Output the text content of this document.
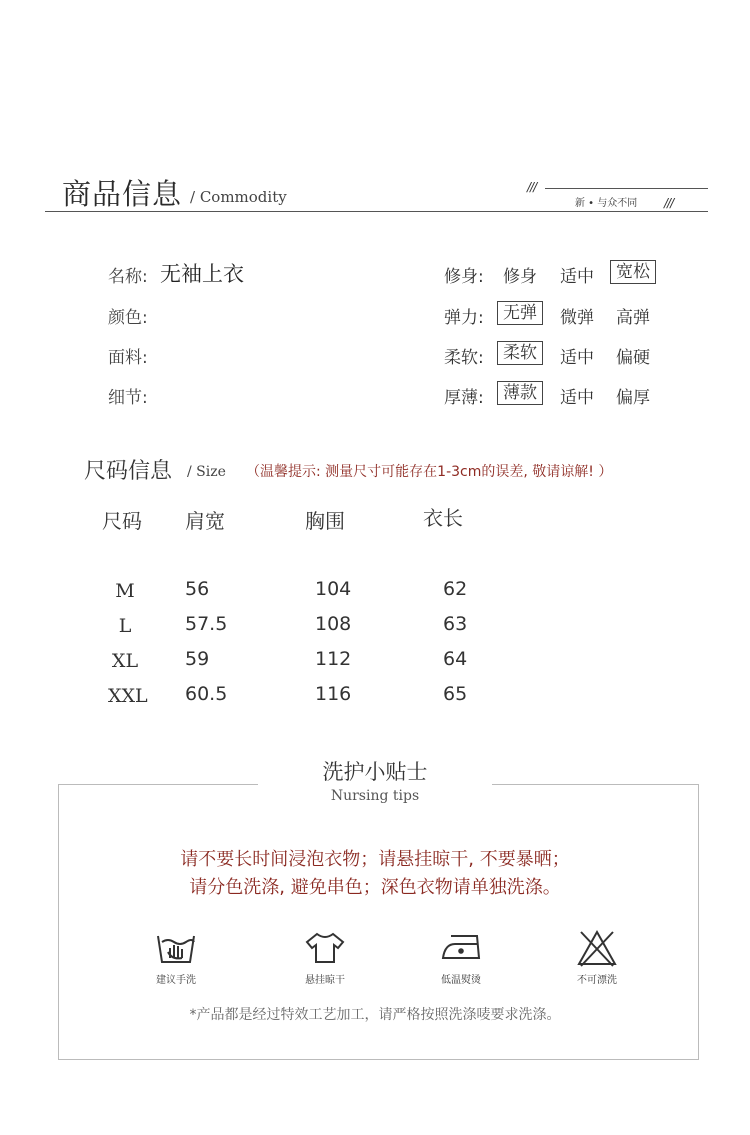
商品信息 / Commodity
///
新 • 与众不同 ///
名称: 无袖上衣
颜色:
面料:
细节:
修身: 修身 适中	宽松
弹力:	无弹	微弹 高弹
柔软:	柔软	适中 偏硬
厚薄:	薄款	适中 偏厚
尺码信息 / Size （温馨提示: 测量尺寸可能存在1-3cm的误差, 敬请谅解! ）
尺码 肩宽	胸围	衣长
M	56	104	62
L	57.5	108	63
XL 59	112	64
XXL 60.5	116	65
洗护小贴士
Nursing tips
请不要长时间浸泡衣物；请悬挂晾干, 不要暴晒；
请分色洗涤, 避免串色；深色衣物请单独洗涤。
建议手洗	悬挂晾干	低温熨烫	不可漂洗
*产品都是经过特效工艺加工，请严格按照洗涤唛要求洗涤。
